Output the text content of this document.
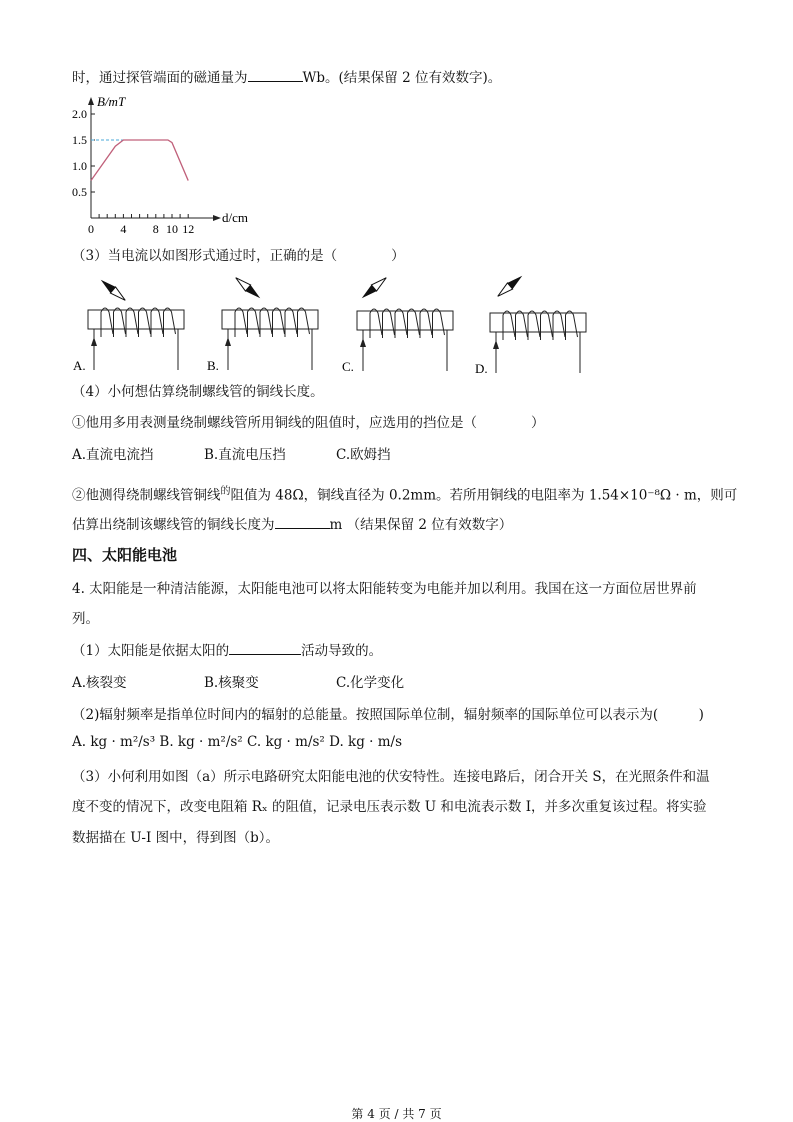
时，通过探管端面的磁通量为	Wb。(结果保留 2 位有效数字)。
B/mT
d/cm
2.0
1.5
1.0
0.5
0 4 8 10 12
（3）当电流以如图形式通过时，正确的是（　　　　）
A.	B.	C.	D.
（4）小何想估算绕制螺线管的铜线长度。
①他用多用表测量绕制螺线管所用铜线的阻值时，应选用的挡位是（　　　　）
A.直流电流挡	B.直流电压挡	C.欧姆挡
②他测得绕制螺线管铜线$^的$阻值为 48Ω，铜线直径为 0.2mm。若所用铜线的电阻率为 1.54×10⁻⁸Ω · m，则可
估算出绕制该螺线管的铜线长度为	m （结果保留 2 位有效数字）
四、太阳能电池
4. 太阳能是一种清洁能源，太阳能电池可以将太阳能转变为电能并加以利用。我国在这一方面位居世界前
列。
（1）太阳能是依据太阳的	活动导致的。
A.核裂变	B.核聚变	C.化学变化
（2)辐射频率是指单位时间内的辐射的总能量。按照国际单位制，辐射频率的国际单位可以表示为(　　　)
A. kg · m²/s³ B. kg · m²/s² C. kg · m/s² D. kg · m/s
（3）小何利用如图（a）所示电路研究太阳能电池的伏安特性。连接电路后，闭合开关 S，在光照条件和温
度不变的情况下，改变电阻箱 Rₓ 的阻值，记录电压表示数 U 和电流表示数 I，并多次重复该过程。将实验
数据描在 U-I 图中，得到图（b）。
第 4 页 / 共 7 页
